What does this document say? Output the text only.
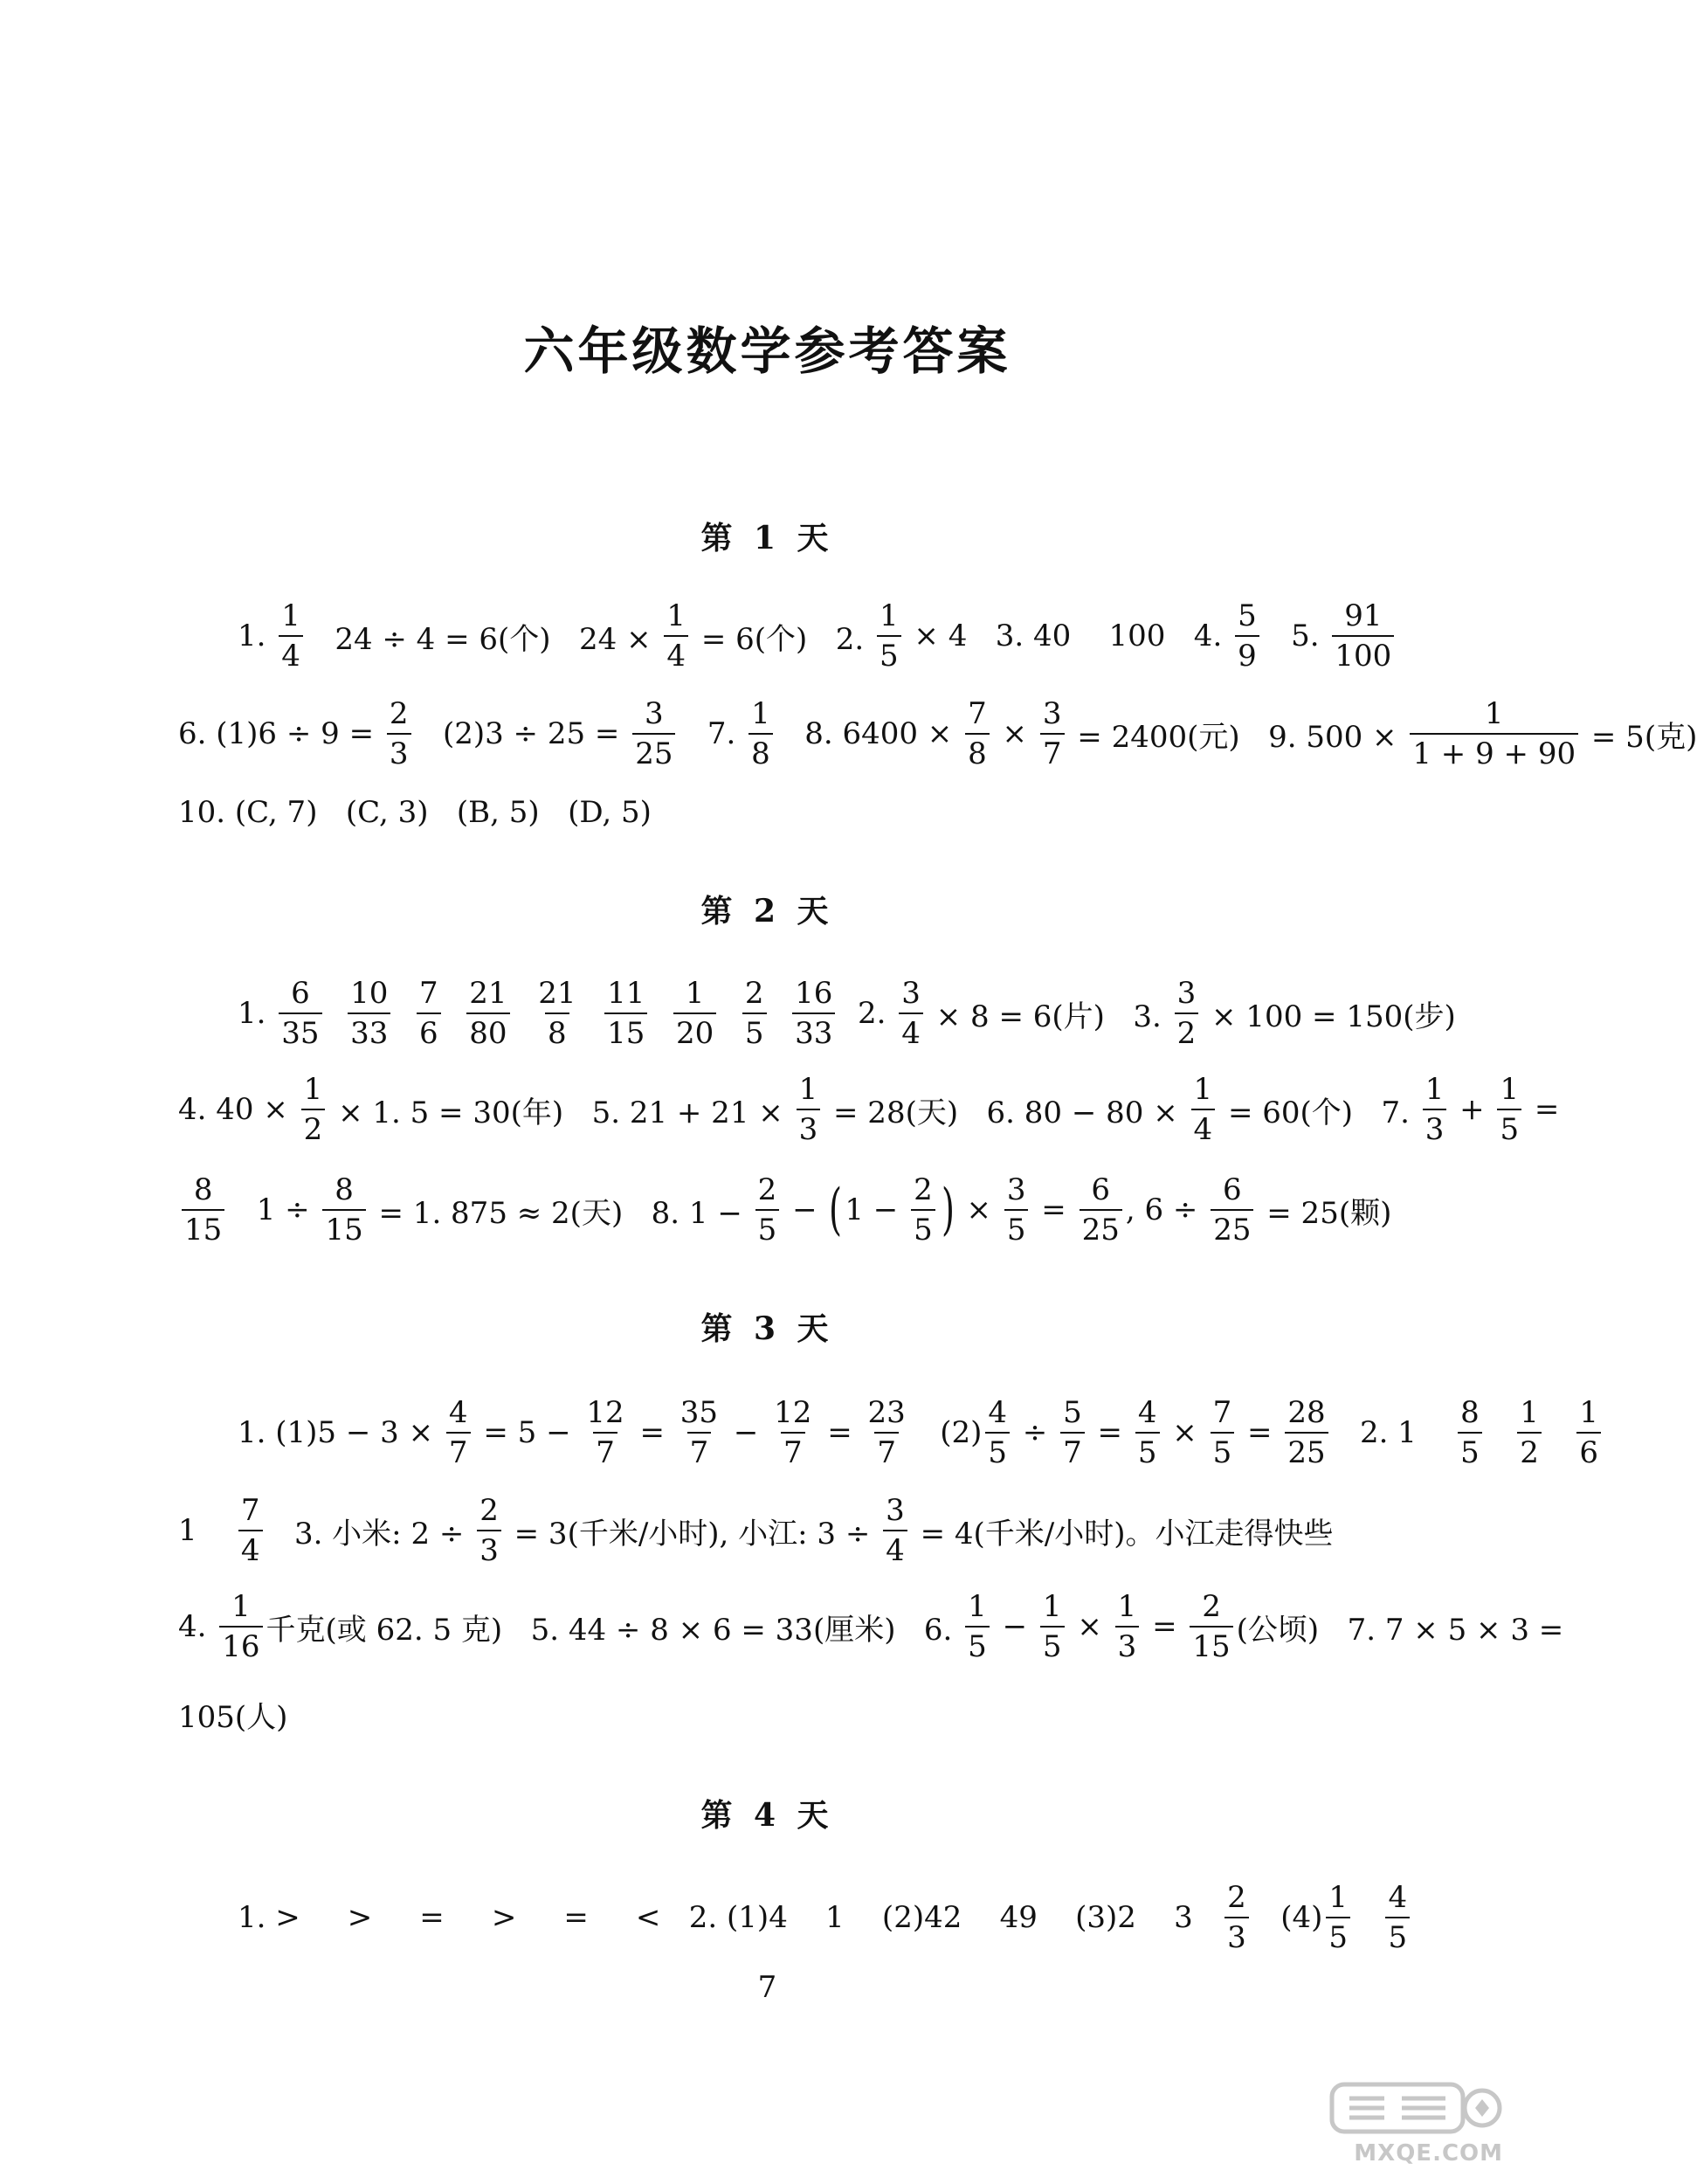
六年级数学参考答案
第 1 天
1. $\frac{1}{4} 24 \div 4 = 6$(个)   $24 \times \frac{1}{4} = 6$(个)   2. $\frac{1}{5} \times 4$   3. 40    100   4. $\frac{5}{9} 5$. $\frac{91}{100}$
6. $(1)6 \div 9 = \frac{2}{3} (2)3 \div 25 = \frac{3}{25} 7$. $\frac{1}{8} 8$. $6400 \times \frac{7}{8} \times \frac{3}{7} = 2400$(元)   9. $500 \times \frac{1}{1 + 9 + 90} = 5$(克)
10. (C, 7)   (C, 3)   (B, 5)   (D, 5)
第 2 天
1. $\frac{6}{35}$
$\frac{10}{33}$
$\frac{7}{6}$
$\frac{21}{80}$
$\frac{21}{8}$
$\frac{11}{15}$
$\frac{1}{20}$
$\frac{2}{5}$
$\frac{16}{33} 2$. $\frac{3}{4} \times 8 = 6$(片)   3. $\frac{3}{2} \times 100 = 150$(步)
4. $40 \times \frac{1}{2} \times 1$. 5 = 30(年)   5. $21 + 21 \times \frac{1}{3} = 28$(天)   6. $80 - 80 \times \frac{1}{4} = 60$(个)   7. $\frac{1}{3} + \frac{1}{5}$ =
$\frac{8}{15} 1 \div \frac{8}{15} = 1$. 875 ≈ 2(天)   8. $1 - \frac{2}{5}$ − ( $1 - \frac{2}{5}$ ) × $\frac{3}{5} = \frac{6}{25}$ , $6 \div \frac{6}{25} = 25$(颗)
第 3 天
1. $(1)5 - 3 \times \frac{4}{7} = 5 - \frac{12}{7} = \frac{35}{7} - \frac{12}{7} = \frac{23}{7} (2) \frac{4}{5} \div \frac{5}{7} = \frac{4}{5} \times \frac{7}{5} = \frac{28}{25} 2$. $1 \frac{8}{5}$
$\frac{1}{2}$
$\frac{1}{6}$
$1 \frac{7}{4} 3$. 小米: $2 \div \frac{2}{3} = 3$(千米/小时), 小江: $3 \div \frac{3}{4} = 4$(千米/小时)。小江走得快些
4. $\frac{1}{16}$ 千克(或 62. 5 克)   5. 44 ÷ 8 × 6 = 33(厘米)   6. $\frac{1}{5} - \frac{1}{5} \times \frac{1}{3} = \frac{2}{15}$ (公顷)   7. 7 × 5 × 3 =
105(人)
第 4 天
1. >     >     =     >     =     <   2. (1)4    1    (2)42    49    (3)2    $3 \frac{2}{3} (4) \frac{1}{5}$
$\frac{4}{5}$
7
MXQE.COM
